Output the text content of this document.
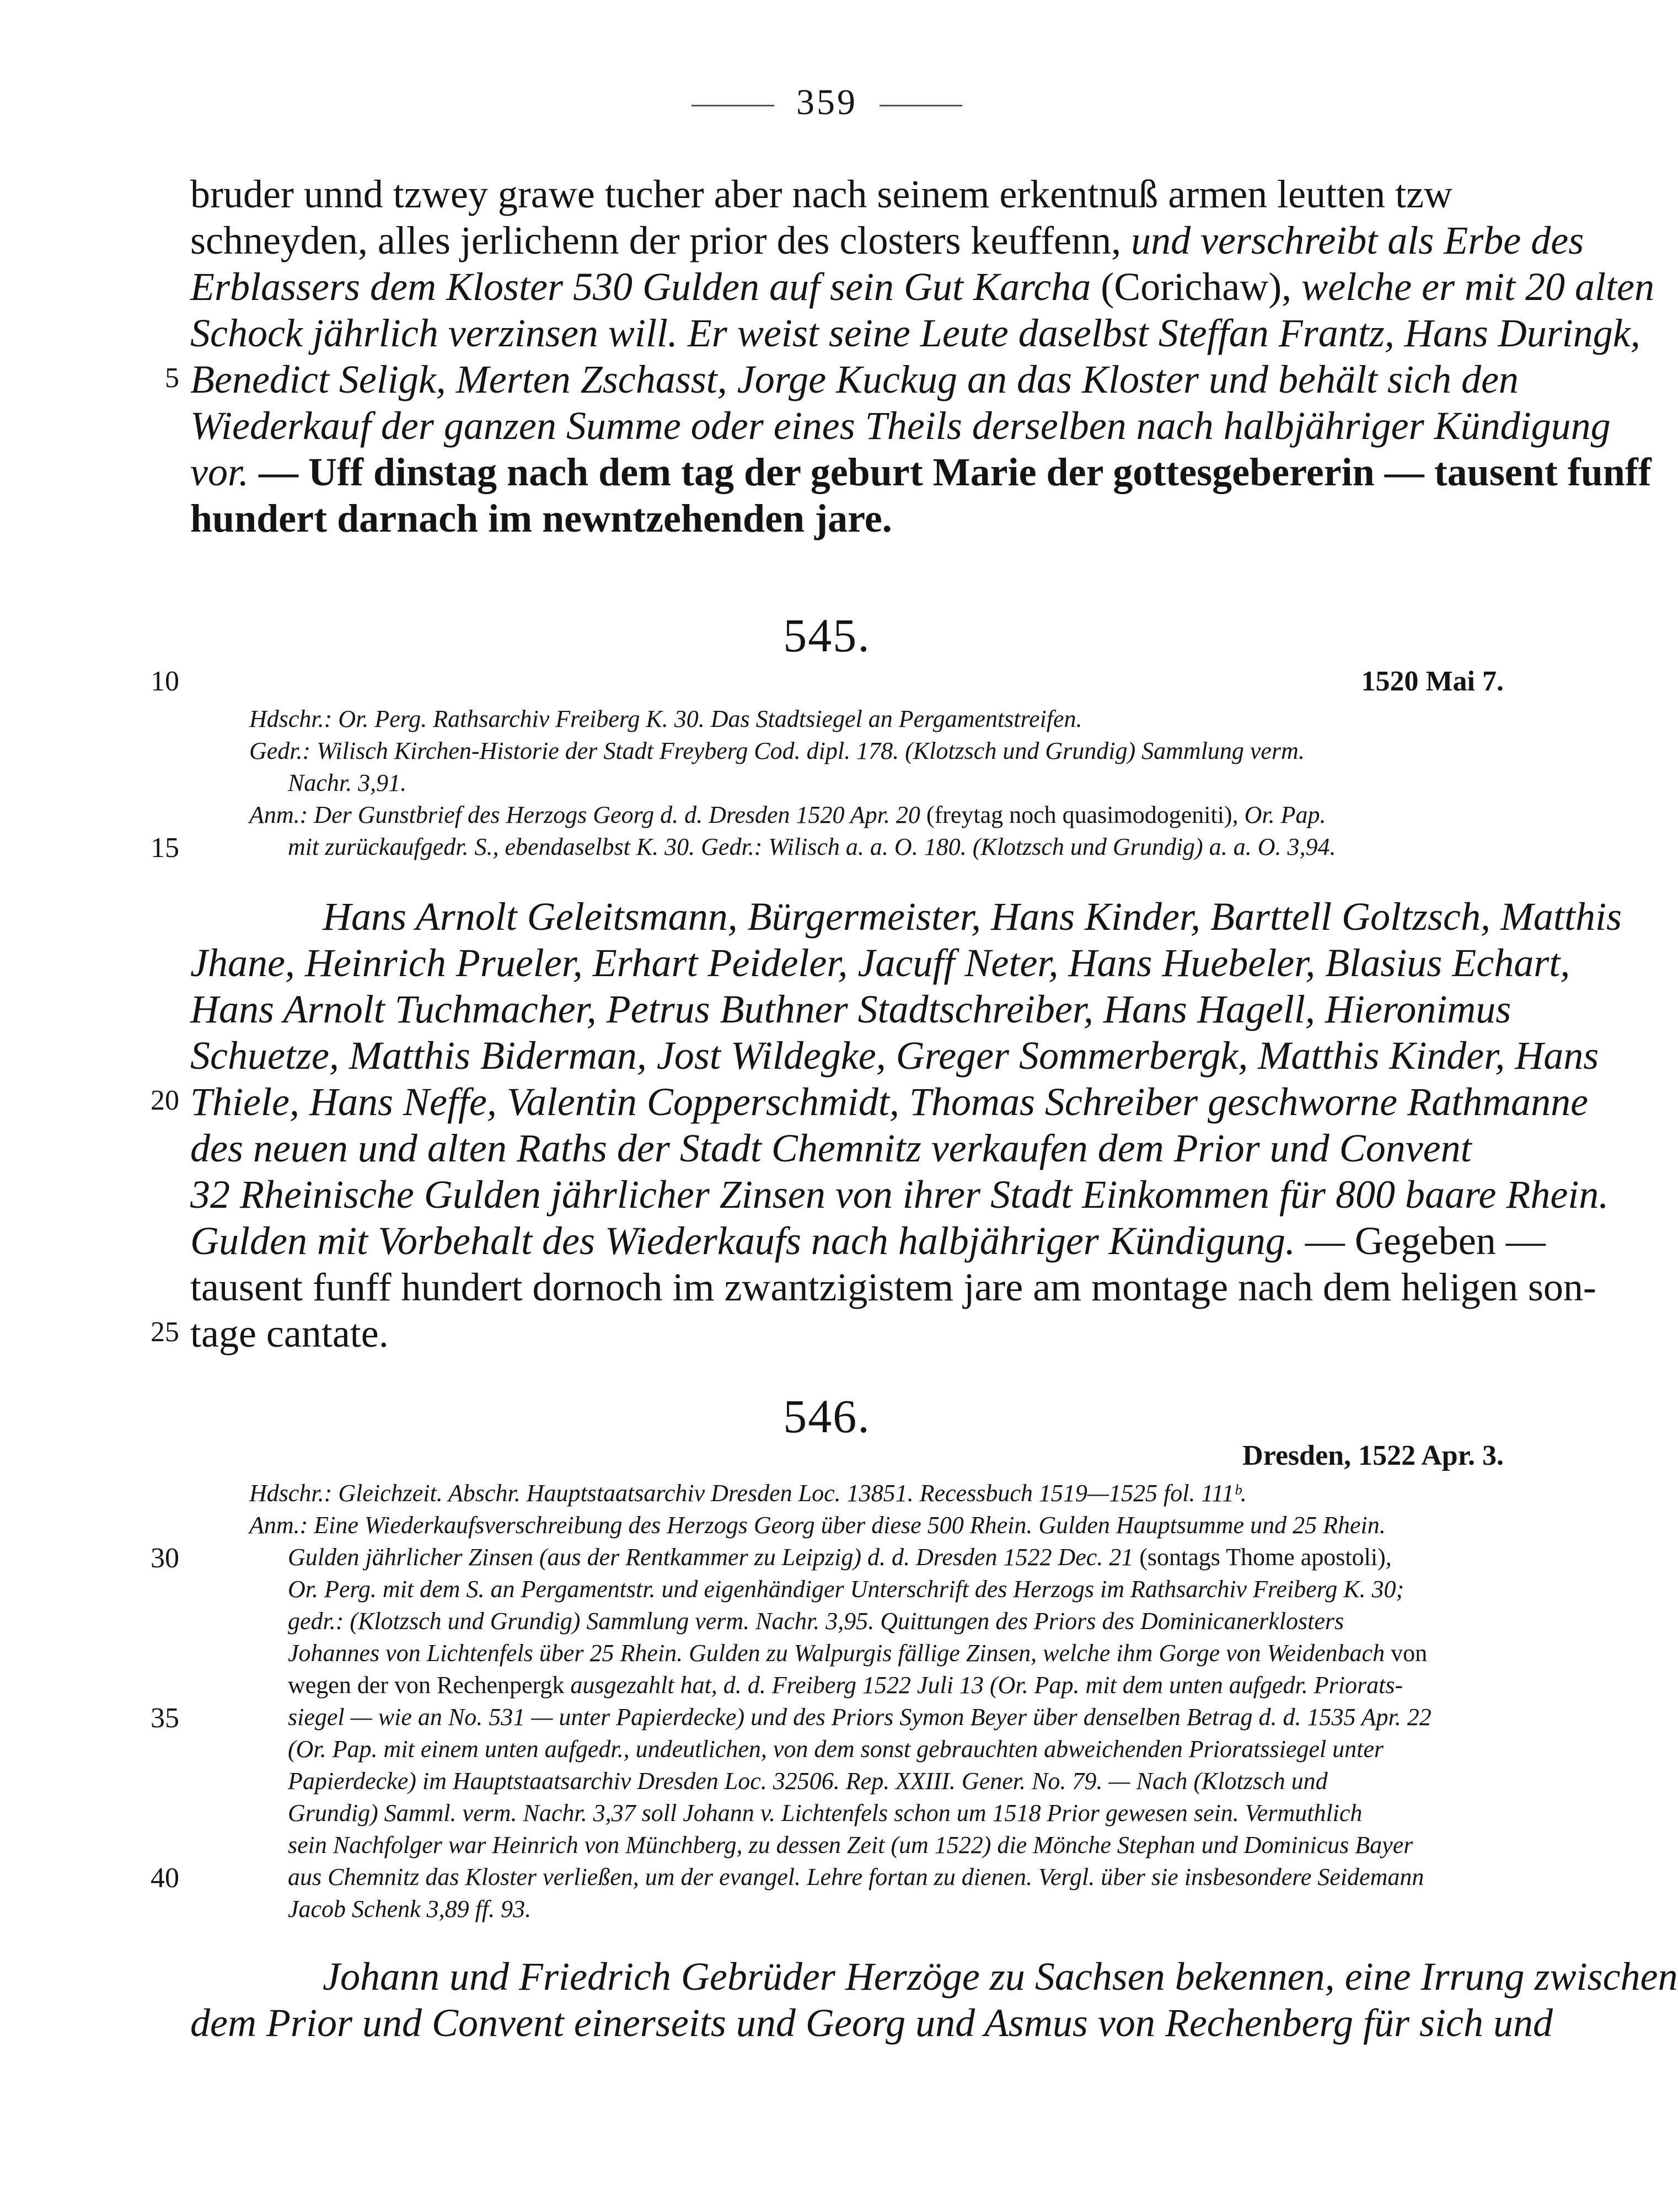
359
bruder unnd tzwey grawe tucher aber nach seinem erkentnuß armen leutten tzw
schneyden, alles jerlichenn der prior des closters keuffenn, und verschreibt als Erbe des
Erblassers dem Kloster 530 Gulden auf sein Gut Karcha (Corichaw), welche er mit 20 alten
Schock jährlich verzinsen will. Er weist seine Leute daselbst Steffan Frantz, Hans Duringk,
Benedict Seligk, Merten Zschasst, Jorge Kuckug an das Kloster und behält sich den
Wiederkauf der ganzen Summe oder eines Theils derselben nach halbjähriger Kündigung
vor. — Uff dinstag nach dem tag der geburt Marie der gottesgebererin — tausent funff
hundert darnach im newntzehenden jare.
545.
1520 Mai 7.
Hdschr.: Or. Perg. Rathsarchiv Freiberg K. 30. Das Stadtsiegel an Pergamentstreifen.
Gedr.: Wilisch Kirchen-Historie der Stadt Freyberg Cod. dipl. 178. (Klotzsch und Grundig) Sammlung verm.
Nachr. 3,91.
Anm.: Der Gunstbrief des Herzogs Georg d. d. Dresden 1520 Apr. 20 (freytag noch quasimodogeniti), Or. Pap.
mit zurückaufgedr. S., ebendaselbst K. 30. Gedr.: Wilisch a. a. O. 180. (Klotzsch und Grundig) a. a. O. 3,94.
Hans Arnolt Geleitsmann, Bürgermeister, Hans Kinder, Barttell Goltzsch, Matthis
Jhane, Heinrich Prueler, Erhart Peideler, Jacuff Neter, Hans Huebeler, Blasius Echart,
Hans Arnolt Tuchmacher, Petrus Buthner Stadtschreiber, Hans Hagell, Hieronimus
Schuetze, Matthis Biderman, Jost Wildegke, Greger Sommerbergk, Matthis Kinder, Hans
Thiele, Hans Neffe, Valentin Copperschmidt, Thomas Schreiber geschworne Rathmanne
des neuen und alten Raths der Stadt Chemnitz verkaufen dem Prior und Convent
32 Rheinische Gulden jährlicher Zinsen von ihrer Stadt Einkommen für 800 baare Rhein.
Gulden mit Vorbehalt des Wiederkaufs nach halbjähriger Kündigung. — Gegeben —
tausent funff hundert dornoch im zwantzigistem jare am montage nach dem heligen son-
tage cantate.
546.
Dresden, 1522 Apr. 3.
Hdschr.: Gleichzeit. Abschr. Hauptstaatsarchiv Dresden Loc. 13851. Recessbuch 1519—1525 fol. 111ᵇ.
Anm.: Eine Wiederkaufsverschreibung des Herzogs Georg über diese 500 Rhein. Gulden Hauptsumme und 25 Rhein.
Gulden jährlicher Zinsen (aus der Rentkammer zu Leipzig) d. d. Dresden 1522 Dec. 21 (sontags Thome apostoli),
Or. Perg. mit dem S. an Pergamentstr. und eigenhändiger Unterschrift des Herzogs im Rathsarchiv Freiberg K. 30;
gedr.: (Klotzsch und Grundig) Sammlung verm. Nachr. 3,95. Quittungen des Priors des Dominicanerklosters
Johannes von Lichtenfels über 25 Rhein. Gulden zu Walpurgis fällige Zinsen, welche ihm Gorge von Weidenbach von
wegen der von Rechenpergk ausgezahlt hat, d. d. Freiberg 1522 Juli 13 (Or. Pap. mit dem unten aufgedr. Priorats-
siegel — wie an No. 531 — unter Papierdecke) und des Priors Symon Beyer über denselben Betrag d. d. 1535 Apr. 22
(Or. Pap. mit einem unten aufgedr., undeutlichen, von dem sonst gebrauchten abweichenden Prioratssiegel unter
Papierdecke) im Hauptstaatsarchiv Dresden Loc. 32506. Rep. XXIII. Gener. No. 79. — Nach (Klotzsch und
Grundig) Samml. verm. Nachr. 3,37 soll Johann v. Lichtenfels schon um 1518 Prior gewesen sein. Vermuthlich
sein Nachfolger war Heinrich von Münchberg, zu dessen Zeit (um 1522) die Mönche Stephan und Dominicus Bayer
aus Chemnitz das Kloster verließen, um der evangel. Lehre fortan zu dienen. Vergl. über sie insbesondere Seidemann
Jacob Schenk 3,89 ff. 93.
Johann und Friedrich Gebrüder Herzöge zu Sachsen bekennen, eine Irrung zwischen
dem Prior und Convent einerseits und Georg und Asmus von Rechenberg für sich und
5
10
15
20
25
30
35
40
